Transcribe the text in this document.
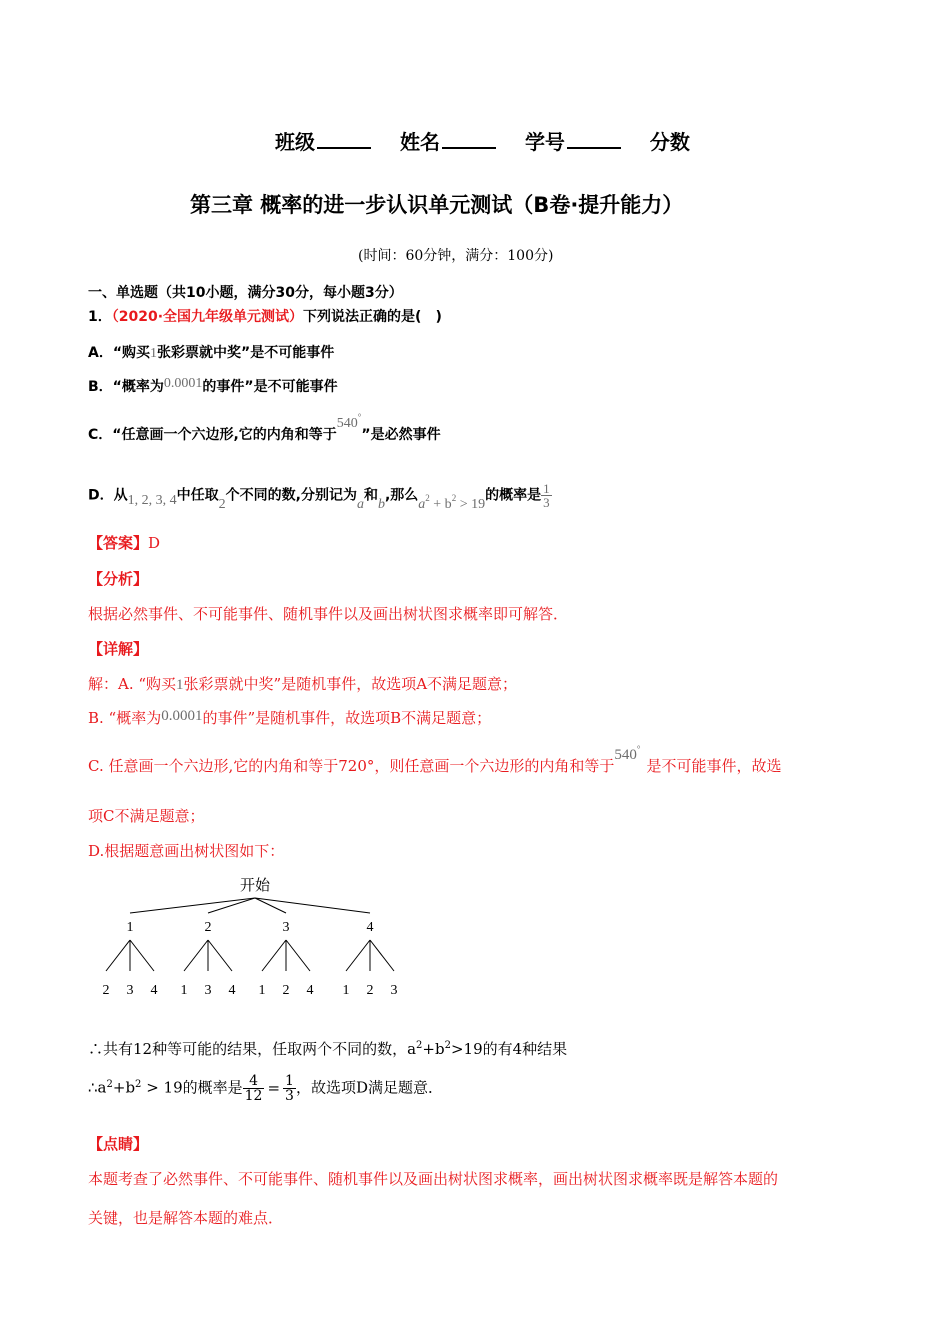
班级	姓名	学号	分数
第三章 概率的进一步认识单元测试（B卷·提升能力）
(时间：60分钟，满分：100分)
一、单选题（共10小题，满分30分，每小题3分）
1．（2020·全国九年级单元测试）下列说法正确的是(　)
A．“购买1张彩票就中奖”是不可能事件
B．“概率为0.0001的事件”是不可能事件
C．“任意画一个六边形,它的内角和等于540°”是必然事件
D．从1, 2, 3, 4中任取2个不同的数,分别记为a和b,那么$a^2 + b^2 > 19$的概率是 $\frac{1}{3}$
【答案】D
【分析】
根据必然事件、不可能事件、随机事件以及画出树状图求概率即可解答．
【详解】
解：A. “购买1张彩票就中奖”是随机事件，故选项A不满足题意；
B. “概率为0.0001的事件”是随机事件，故选项B不满足题意；
C. 任意画一个六边形,它的内角和等于720°，则任意画一个六边形的内角和等于540°是不可能事件，故选
项C不满足题意；
D.根据题意画出树状图如下：
开始
1
2 3 4
2
1 3 4
3
1 2 4
4
1 2 3
∴共有12种等可能的结果，任取两个不同的数，$a^2+b^2>19$的有4种结果
$\therefore a^2+b^2 > 19$的概率是 $\frac{4}{12} = \frac{1}{3}$ ，故选项D满足题意．
【点睛】
本题考查了必然事件、不可能事件、随机事件以及画出树状图求概率，画出树状图求概率既是解答本题的
关键，也是解答本题的难点．
